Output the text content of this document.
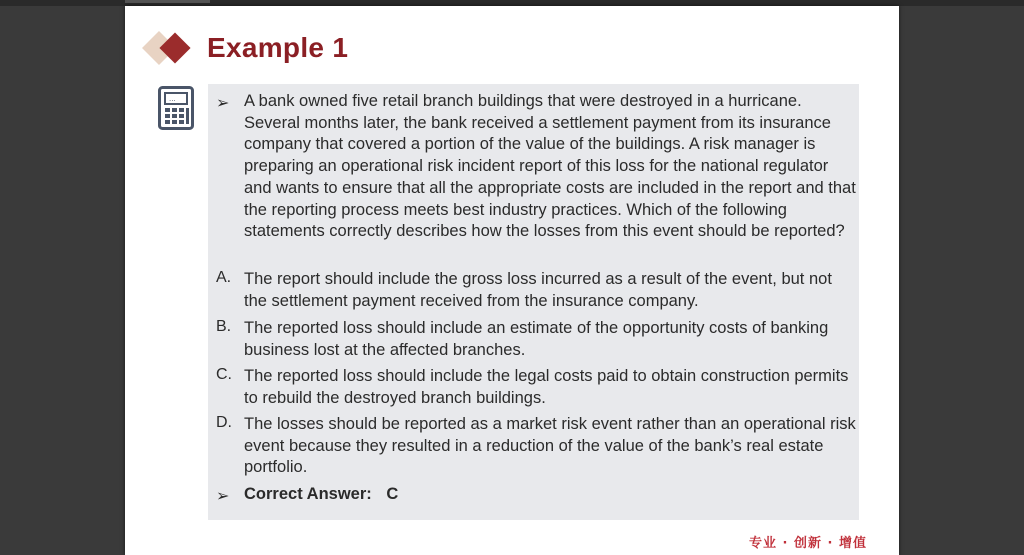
Example 1
...	➢ A bank owned five retail branch buildings that were destroyed in a hurricane. Several months later, the bank received a settlement payment from its insurance company that covered a portion of the value of the buildings. A risk manager is preparing an operational risk incident report of this loss for the national regulator and wants to ensure that all the appropriate costs are included in the report and that the reporting process meets best industry practices. Which of the following statements correctly describes how the losses from this event should be reported?
A. The report should include the gross loss incurred as a result of the event, but not the settlement payment received from the insurance company.
B. The reported loss should include an estimate of the opportunity costs of banking business lost at the affected branches.
C. The reported loss should include the legal costs paid to obtain construction permits to rebuild the destroyed branch buildings.
D. The losses should be reported as a market risk event rather than an operational risk event because they resulted in a reduction of the value of the bank’s real estate portfolio.
➢ Correct Answer: C
专业 · 创新 · 增值
